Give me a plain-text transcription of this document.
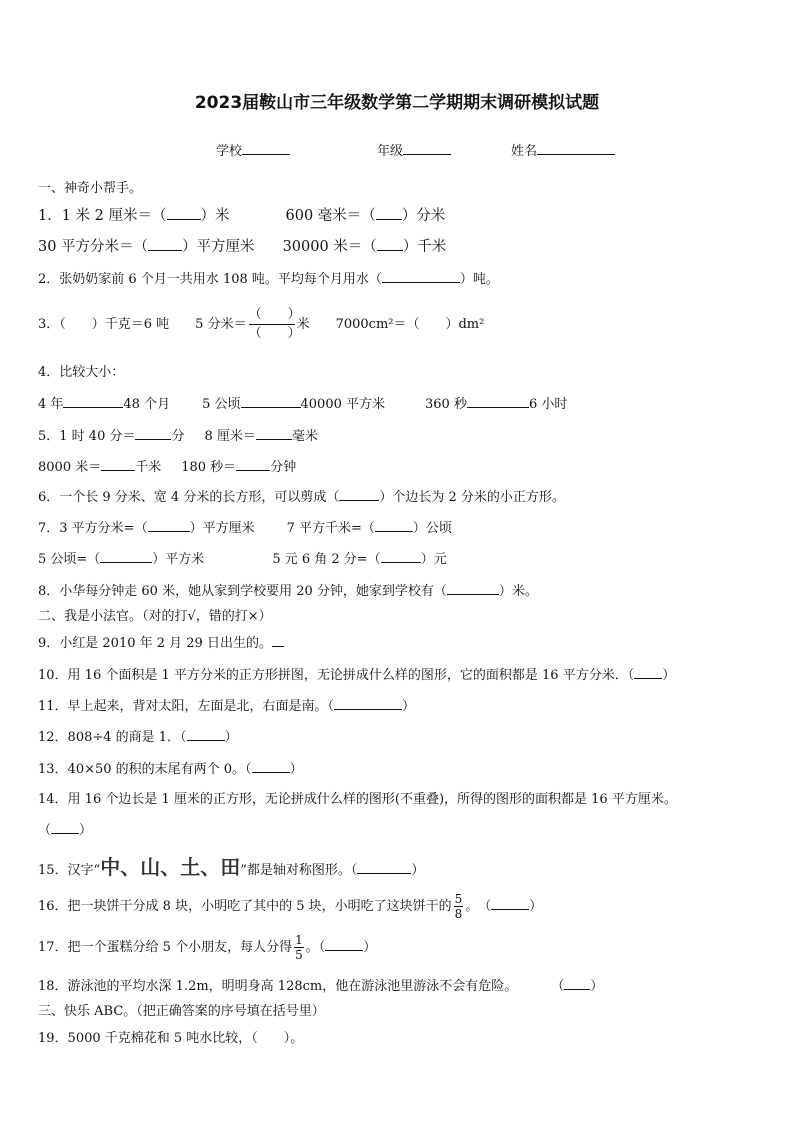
2023届鞍山市三年级数学第二学期期末调研模拟试题
学校	年级	姓名
一、神奇小帮手。
1．1 米 2 厘米＝（ ）米	600 毫米＝（ ）分米
30 平方分米＝（ ）平方厘米 30000 米＝（ ）千米
2．张奶奶家前 6 个月一共用水 108 吨。平均每个月用水（	）吨。
3．（　　）千克＝6 吨　　5 分米＝
（　　）
（　　）
米　　7000cm²＝（　　）dm²
4．比较大小：
4 年	48 个月 5 公顷	40000 平方米	360 秒	6 小时
5．1 时 40 分＝	分 8 厘米＝	毫米
8000 米＝	千米 180 秒＝	分钟
6．一个长 9 分米、宽 4 分米的长方形，可以剪成（	）个边长为 2 分米的小正方形。
7．3 平方分米=（	）平方厘米 7 平方千米=（	）公顷
5 公顷=（	）平方米	5 元 6 角 2 分=（	）元
8．小华每分钟走 60 米，她从家到学校要用 20 分钟，她家到学校有（	）米。
二、我是小法官。（对的打√，错的打×）
9．小红是 2010 年 2 月 29 日出生的。
10．用 16 个面积是 1 平方分米的正方形拼图，无论拼成什么样的图形，它的面积都是 16 平方分米．（ ）
11．早上起来，背对太阳，左面是北，右面是南。（	）
12．808÷4 的商是 1．（	）
13．40×50 的积的末尾有两个 0。（	）
14．用 16 个边长是 1 厘米的正方形，无论拼成什么样的图形(不重叠)，所得的图形的面积都是 16 平方厘米。
（ ）
15．汉字“中、山、土、田”都是轴对称图形。（	）
16．把一块饼干分成 8 块，小明吃了其中的 5 块，小明吃了这块饼干的 $\frac{5}{8}$ 。　（	）
17．把一个蛋糕分给 5 个小朋友，每人分得 $\frac{1}{5}$ 。（	）
18．游泳池的平均水深 1.2m，明明身高 128cm，他在游泳池里游泳不会有危险。	（ ）
三、快乐 ABC。（把正确答案的序号填在括号里）
19．5000 千克棉花和 5 吨水比较，（　　）。
